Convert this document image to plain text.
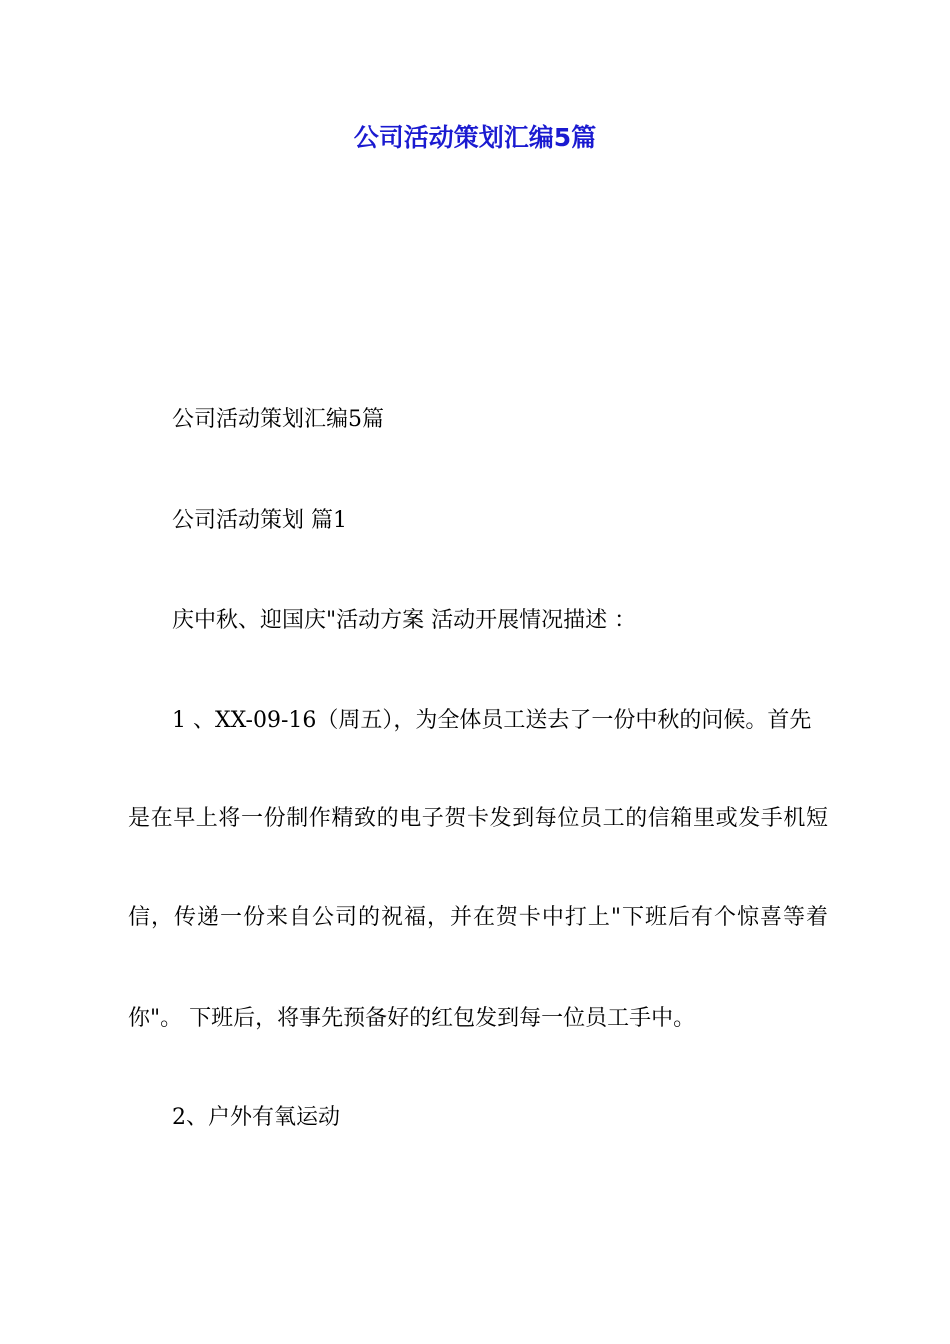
公司活动策划汇编5篇

公司活动策划汇编5篇

公司活动策划 篇1

庆中秋、迎国庆"活动方案 活动开展情况描述 ：

1 、XX-09-16（周五），为全体员工送去了一份中秋的问候。首先

是在早上将一份制作精致的电子贺卡发到每位员工的信箱里或发手机短

信，传递一份来自公司的祝福，并在贺卡中打上"下班后有个惊喜等着

你"。 下班后，将事先预备好的红包发到每一位员工手中。

2、户外有氧运动
